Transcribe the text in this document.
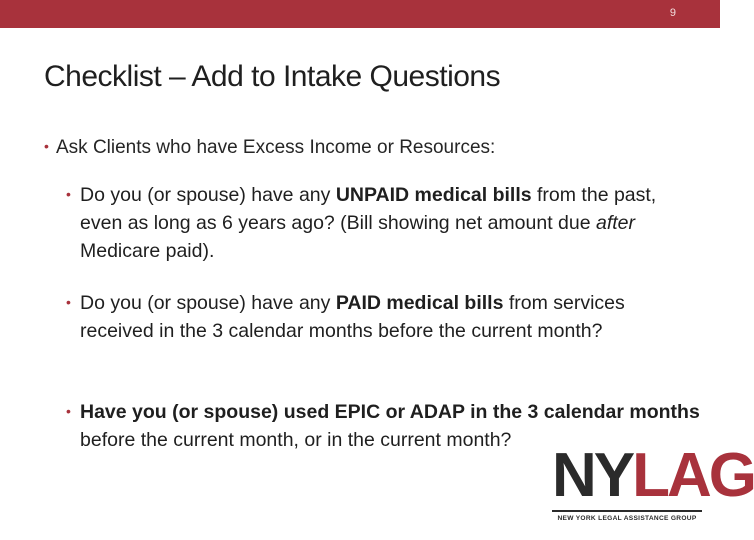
9
Checklist – Add to Intake Questions
• Ask Clients who have Excess Income or Resources:
• Do you (or spouse) have any UNPAID medical bills from the past, even as long as 6 years ago? (Bill showing net amount due after Medicare paid).
• Do you (or spouse) have any PAID medical bills from services received in the 3 calendar months before the current month?
• Have you (or spouse) used EPIC or ADAP in the 3 calendar months before the current month, or in the current month?
NYLAG
NEW YORK LEGAL ASSISTANCE GROUP
